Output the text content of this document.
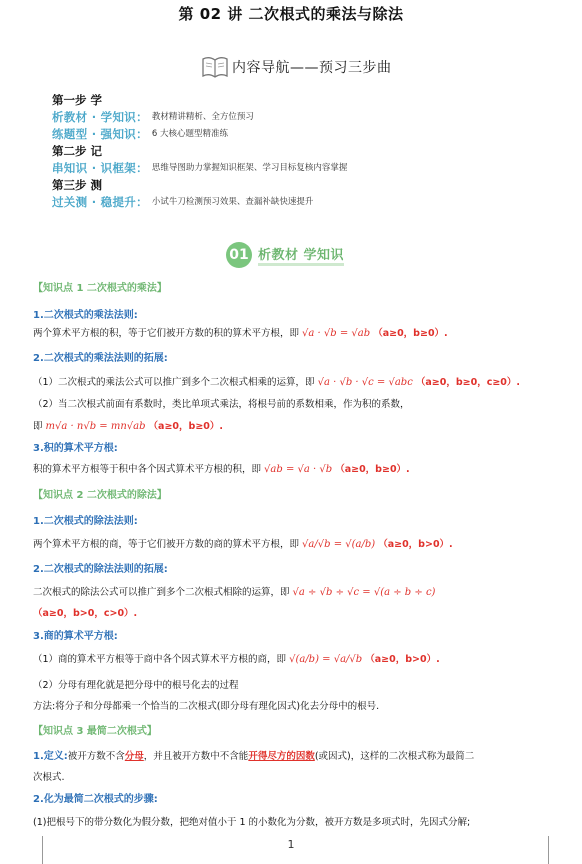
第 02 讲 二次根式的乘法与除法
内容导航——预习三步曲
第一步 学
析教材 · 学知识： 教材精讲精析、全方位预习
练题型 · 强知识： 6 大核心题型精准练
第二步 记
串知识 · 识框架： 思维导图助力掌握知识框架、学习目标复核内容掌握
第三步 测
过关测 · 稳提升： 小试牛刀检测预习效果、查漏补缺快速提升
01 析教材 学知识
【知识点 1 二次根式的乘法】
1.二次根式的乘法法则:
两个算术平方根的积，等于它们被开方数的积的算术平方根，即 √a · √b = √ab （a≥0，b≥0）.
2.二次根式的乘法法则的拓展:
（1）二次根式的乘法公式可以推广到多个二次根式相乘的运算，即 √a · √b · √c = √abc （a≥0，b≥0，c≥0）.
（2）当二次根式前面有系数时，类比单项式乘法，将根号前的系数相乘，作为积的系数，
即 m√a · n√b = mn√ab （a≥0，b≥0）.
3.积的算术平方根:
积的算术平方根等于积中各个因式算术平方根的积，即 √ab = √a · √b （a≥0，b≥0）.
【知识点 2 二次根式的除法】
1.二次根式的除法法则:
两个算术平方根的商，等于它们被开方数的商的算术平方根，即 √a/√b = √(a/b) （a≥0，b>0）.
2.二次根式的除法法则的拓展:
二次根式的除法公式可以推广到多个二次根式相除的运算，即 √a ÷ √b ÷ √c = √(a ÷ b ÷ c)
（a≥0，b>0，c>0）.
3.商的算术平方根:
（1）商的算术平方根等于商中各个因式算术平方根的商，即 √(a/b) = √a/√b （a≥0，b>0）.
（2）分母有理化就是把分母中的根号化去的过程
方法:将分子和分母都乘一个恰当的二次根式(即分母有理化因式)化去分母中的根号.
【知识点 3 最简二次根式】
1.定义:被开方数不含分母，并且被开方数中不含能开得尽方的因数(或因式)，这样的二次根式称为最简二
次根式.
2.化为最简二次根式的步骤:
(1)把根号下的带分数化为假分数，把绝对值小于 1 的小数化为分数，被开方数是多项式时，先因式分解;
1
